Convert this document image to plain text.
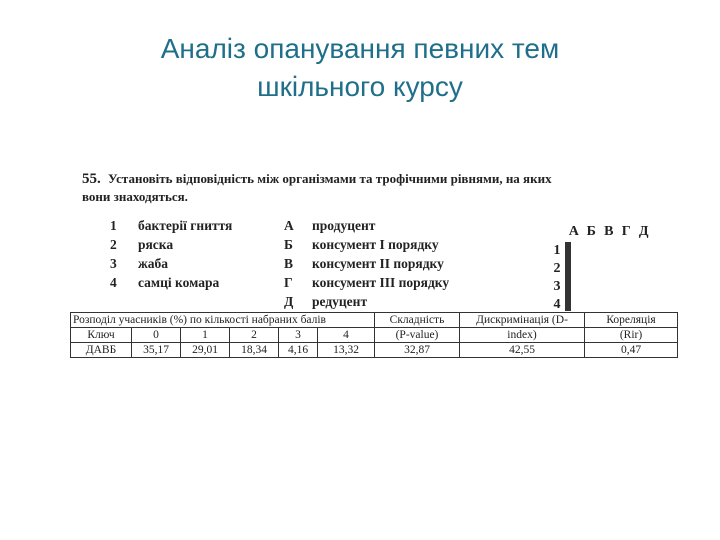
Аналіз опанування певних тем
шкільного курсу
55. Установіть відповідність між організмами та трофічними рівнями, на яких
вони знаходяться.
1	бактерії гниття	А продуцент
2	ряска	Б консумент І порядку
3	жаба	В консумент ІІ порядку
4	самці комара	Г консумент ІІІ порядку
Д редуцент
А Б В Г Д
1
2
3
4

Розподіл учасників (%) по кількості набраних балів						Складність	Дискримінація (D-	Кореляція
Ключ	0	1	2	3	4	(P-value)	index)	(Rir)
ДАВБ	35,17	29,01	18,34	4,16	13,32	32,87	42,55	0,47
